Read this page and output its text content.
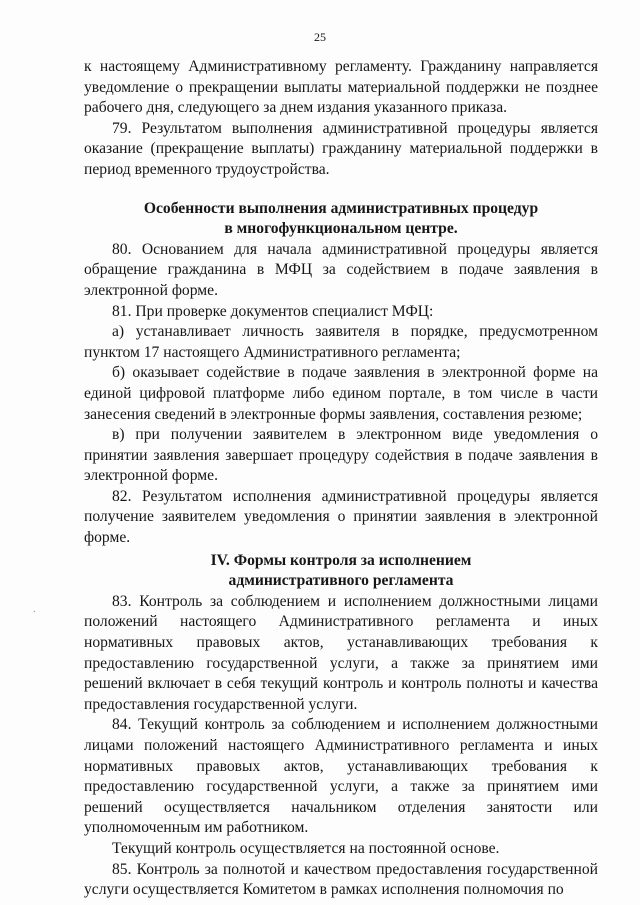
25

к настоящему Административному регламенту. Гражданину направляется уведомление о прекращении выплаты материальной поддержки не позднее рабочего дня, следующего за днем издания указанного приказа.

79. Результатом выполнения административной процедуры является оказание (прекращение выплаты) гражданину материальной поддержки в период временного трудоустройства.

Особенности выполнения административных процедур
в многофункциональном центре.

80. Основанием для начала административной процедуры является обращение гражданина в МФЦ за содействием в подаче заявления в электронной форме.

81. При проверке документов специалист МФЦ:

а) устанавливает личность заявителя в порядке, предусмотренном пунктом 17 настоящего Административного регламента;

б) оказывает содействие в подаче заявления в электронной форме на единой цифровой платформе либо едином портале, в том числе в части занесения сведений в электронные формы заявления, составления резюме;

в) при получении заявителем в электронном виде уведомления о принятии заявления завершает процедуру содействия в подаче заявления в электронной форме.

82. Результатом исполнения административной процедуры является получение заявителем уведомления о принятии заявления в электронной форме.

IV. Формы контроля за исполнением
административного регламента

83. Контроль за соблюдением и исполнением должностными лицами положений настоящего Административного регламента и иных нормативных правовых актов, устанавливающих требования к предоставлению государственной услуги, а также за принятием ими решений включает в себя текущий контроль и контроль полноты и качества предоставления государственной услуги.

84. Текущий контроль за соблюдением и исполнением должностными лицами положений настоящего Административного регламента и иных нормативных правовых актов, устанавливающих требования к предоставлению государственной услуги, а также за принятием ими решений осуществляется начальником отделения занятости или уполномоченным им работником.

Текущий контроль осуществляется на постоянной основе.

85. Контроль за полнотой и качеством предоставления государственной услуги осуществляется Комитетом в рамках исполнения полномочия по

.
